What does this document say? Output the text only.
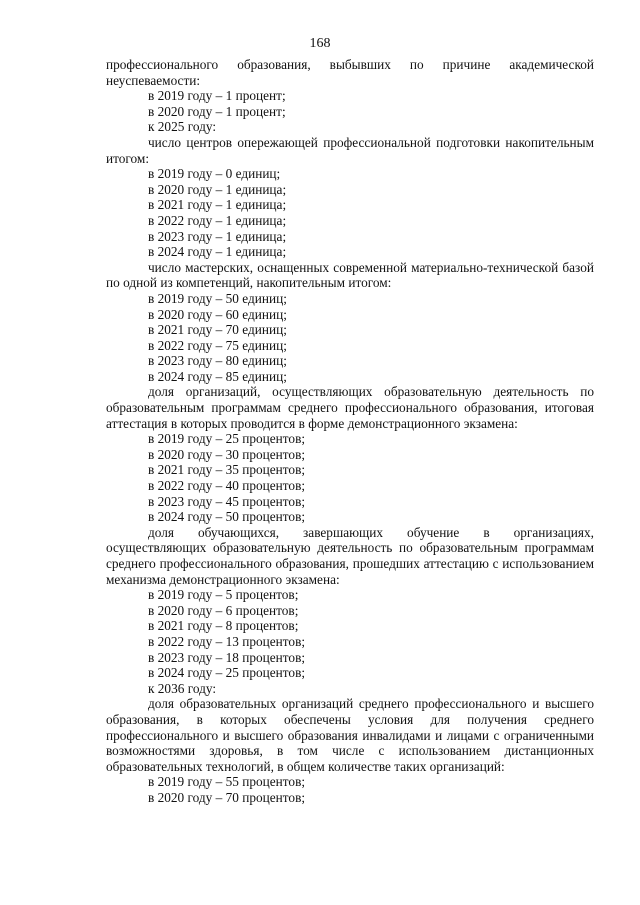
168

профессионального образования, выбывших по причине академической неуспеваемости:

в 2019 году – 1 процент;

в 2020 году – 1 процент;

к 2025 году:

число центров опережающей профессиональной подготовки накопительным итогом:

в 2019 году – 0 единиц;

в 2020 году – 1 единица;

в 2021 году – 1 единица;

в 2022 году – 1 единица;

в 2023 году – 1 единица;

в 2024 году – 1 единица;

число мастерских, оснащенных современной материально-технической базой по одной из компетенций, накопительным итогом:

в 2019 году – 50 единиц;

в 2020 году – 60 единиц;

в 2021 году – 70 единиц;

в 2022 году – 75 единиц;

в 2023 году – 80 единиц;

в 2024 году – 85 единиц;

доля организаций, осуществляющих образовательную деятельность по образовательным программам среднего профессионального образования, итоговая аттестация в которых проводится в форме демонстрационного экзамена:

в 2019 году – 25 процентов;

в 2020 году – 30 процентов;

в 2021 году – 35 процентов;

в 2022 году – 40 процентов;

в 2023 году – 45 процентов;

в 2024 году – 50 процентов;

доля обучающихся, завершающих обучение в организациях, осуществляющих образовательную деятельность по образовательным программам среднего профессионального образования, прошедших аттестацию с использованием механизма демонстрационного экзамена:

в 2019 году – 5 процентов;

в 2020 году – 6 процентов;

в 2021 году – 8 процентов;

в 2022 году – 13 процентов;

в 2023 году – 18 процентов;

в 2024 году – 25 процентов;

к 2036 году:

доля образовательных организаций среднего профессионального и высшего образования, в которых обеспечены условия для получения среднего профессионального и высшего образования инвалидами и лицами с ограниченными возможностями здоровья, в том числе с использованием дистанционных образовательных технологий, в общем количестве таких организаций:

в 2019 году – 55 процентов;

в 2020 году – 70 процентов;
